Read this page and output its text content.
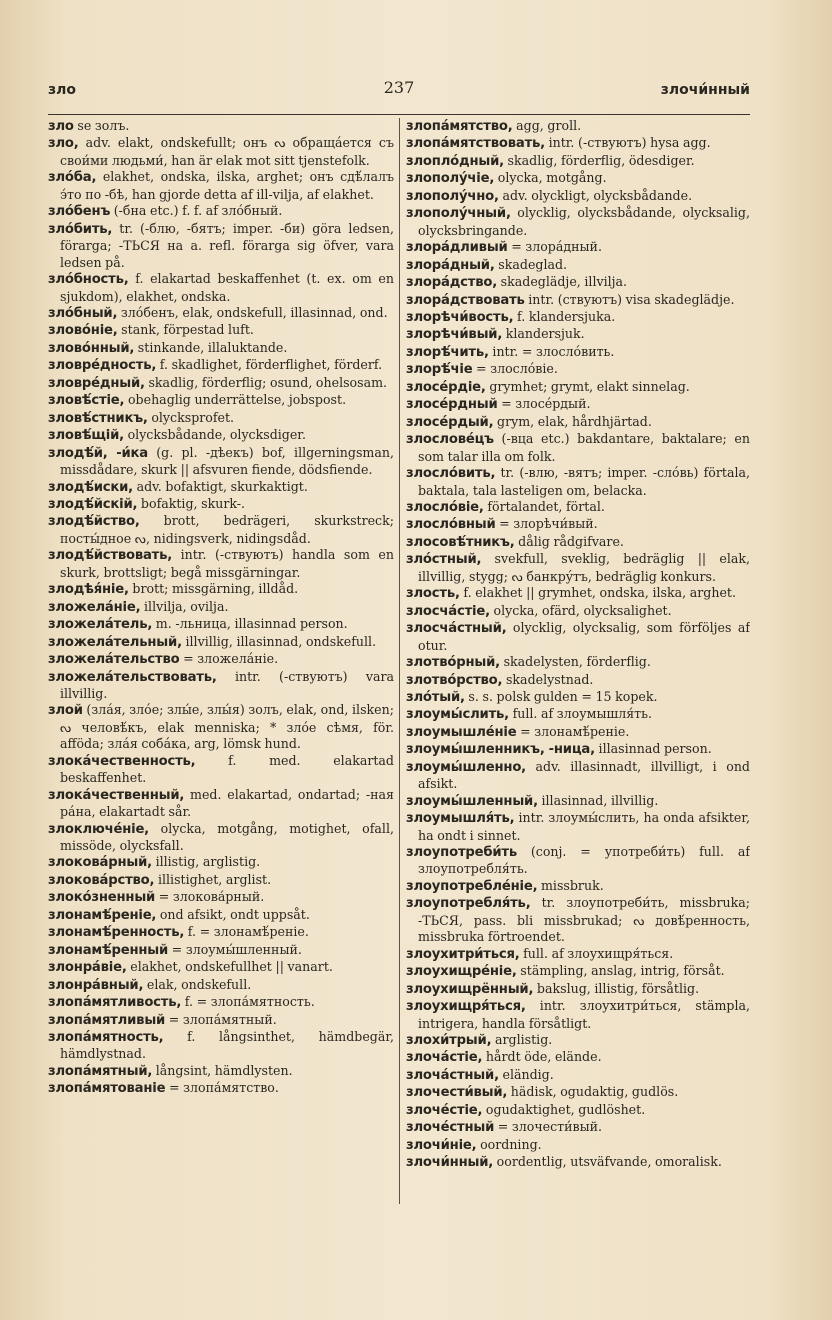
зло	237	злочи́нный
зло se золъ.
зло, adv. elakt, ondskefullt; онъ ᔓ обращáется съ свои́ми людьми́, han är elak mot sitt tjenstefolk.
зло́ба, elakhet, ondska, ilska, arghet; онъ сдѣ́лалъ э́то по -бѣ, han gjorde detta af ill-vilja, af elakhet.
зло́бенъ (-бна etc.) f. f. af злóбный.
зло́бить, tr. (-блю, -бятъ; imper. -би) göra ledsen, förarga; -ТЬСЯ на a. refl. förarga sig öfver, vara ledsen på.
зло́бность, f. elakartad beskaffenhet (t. ex. om en sjukdom), elakhet, ondska.
зло́бный, злóбенъ, elak, ondskefull, illasinnad, ond.
зловóніе, stank, förpestad luft.
зловóнный, stinkande, illaluktande.
зловрéдность, f. skadlighet, förderflighet, förderf.
зловрéдный, skadlig, förderflig; osund, ohelsosam.
зловѣ́стіе, obehaglig underrättelse, jobspost.
зловѣ́стникъ, olycksprofet.
зловѣ́щій, olycksbådande, olycksdiger.
злодѣ́й, -и́ка (g. pl. -дѣекъ) bof, illgerningsman, missdådare, skurk || afsvuren fiende, dödsfiende.
злодѣ́иски, adv. bofaktigt, skurkaktigt.
злодѣ́йскій, bofaktig, skurk-.
злодѣ́йство, brott, bedrägeri, skurkstreck; посты́дное ᔓ, nidingsverk, nidingsdåd.
злодѣ́йствовать, intr. (-ствуютъ) handla som en skurk, brottsligt; begå missgärningar.
злодѣя́ніе, brott; missgärning, illdåd.
зложела́ніе, illvilja, ovilja.
зложела́тель, m. -льница, illasinnad person.
зложела́тельный, illvillig, illasinnad, ondskefull.
зложела́тельство = зложелáніе.
зложела́тельствовать, intr. (-ствуютъ) vara illvillig.
злой (злáя, злóе; злы́е, злы́я) золъ, elak, ond, ilsken; ᔓ человѣ́къ, elak menniska; * злóе сѣмя, för. afföda; злáя собáка, arg, lömsk hund.
злокáчественность, f. med. elakartad beskaffenhet.
злокáчественный, med. elakartad, ondartad; -ная рáна, elakartadt sår.
злоключéніе, olycka, motgång, motighet, ofall, missöde, olycksfall.
злокова́рный, illistig, arglistig.
злокова́рство, illistighet, arglist.
злокóзненный = злокова́рный.
злонамѣ́реніе, ond afsikt, ondt uppsåt.
злонамѣ́ренность, f. = злонамѣ́реніе.
злонамѣ́ренный = злоумы́шленный.
злонра́віе, elakhet, ondskefullhet || vanart.
злонра́вный, elak, ondskefull.
злопа́мятливость, f. = злопа́мятность.
злопа́мятливый = злопа́мятный.
злопа́мятность, f. långsinthet, hämdbegär, hämdlystnad.
злопа́мятный, långsint, hämdlysten.
злопа́мятованіе = злопа́мятство.
злопа́мятство, agg, groll.
злопа́мятствовать, intr. (-ствуютъ) hysa agg.
злоплóдный, skadlig, förderflig, ödesdiger.
злополу́чіе, olycka, motgång.
злополу́чно, adv. olyckligt, olycksbådande.
злополу́чный, olycklig, olycksbådande, olycksalig, olycksbringande.
злора́дливый = злорáдный.
злора́дный, skadeglad.
злора́дство, skadeglädje, illvilja.
злора́дствовать intr. (ствуютъ) visa skadeglädje.
злорѣчи́вость, f. klandersjuka.
злорѣчи́вый, klandersjuk.
злорѣ́чить, intr. = злослóвить.
злорѣ́чіе = злослóвіе.
злосéрдіе, grymhet; grymt, elakt sinnelag.
злосéрдный = злосéрдый.
злосéрдый, grym, elak, hårdhjärtad.
злословéцъ (-вца etc.) bakdantare, baktalare; en som talar illa om folk.
злослóвить, tr. (-влю, -вятъ; imper. -слóвь) förtala, baktala, tala lasteligen om, belacka.
злослóвіе, förtalandet, förtal.
злослóвный = злорѣчи́вый.
злосовѣ́тникъ, dålig rådgifvare.
злóстный, svekfull, sveklig, bedräglig || elak, illvillig, stygg; ᔓ банкрýтъ, bedräglig konkurs.
злость, f. elakhet || grymhet, ondska, ilska, arghet.
злосча́стіе, olycka, ofärd, olycksalighet.
злосча́стный, olycklig, olycksalig, som förföljes af otur.
злотвóрный, skadelysten, förderflig.
злотвóрство, skadelystnad.
злóтый, s. s. polsk gulden = 15 kopek.
злоумы́слить, full. af злоумышля́ть.
злоумышлéніе = злонамѣ́реніе.
злоумы́шленникъ, -ница, illasinnad person.
злоумы́шленно, adv. illasinnadt, illvilligt, i ond afsikt.
злоумы́шленный, illasinnad, illvillig.
злоумышля́ть, intr. злоумы́слить, ha onda afsikter, ha ondt i sinnet.
злоупотреби́ть (conj. = употреби́ть) full. af злоупотребля́ть.
злоупотреблéніе, missbruk.
злоупотребля́ть, tr. злоупотреби́ть, missbruka; -ТЬСЯ, pass. bli missbrukad; ᔓ довѣ́ренность, missbruka förtroendet.
злоухитри́ться, full. af злоухищря́ться.
злоухищрéніе, stämpling, anslag, intrig, försåt.
злоухищрённый, bakslug, illistig, försåtlig.
злоухищря́ться, intr. злоухитри́ться, stämpla, intrigera, handla försåtligt.
злохи́трый, arglistig.
злоча́стіе, hårdt öde, elände.
злоча́стный, eländig.
злочести́вый, hädisk, ogudaktig, gudlös.
злочéстіе, ogudaktighet, gudlöshet.
злочéстный = злочести́вый.
злочи́ніе, oordning.
злочи́нный, oordentlig, utsväfvande, omoralisk.
